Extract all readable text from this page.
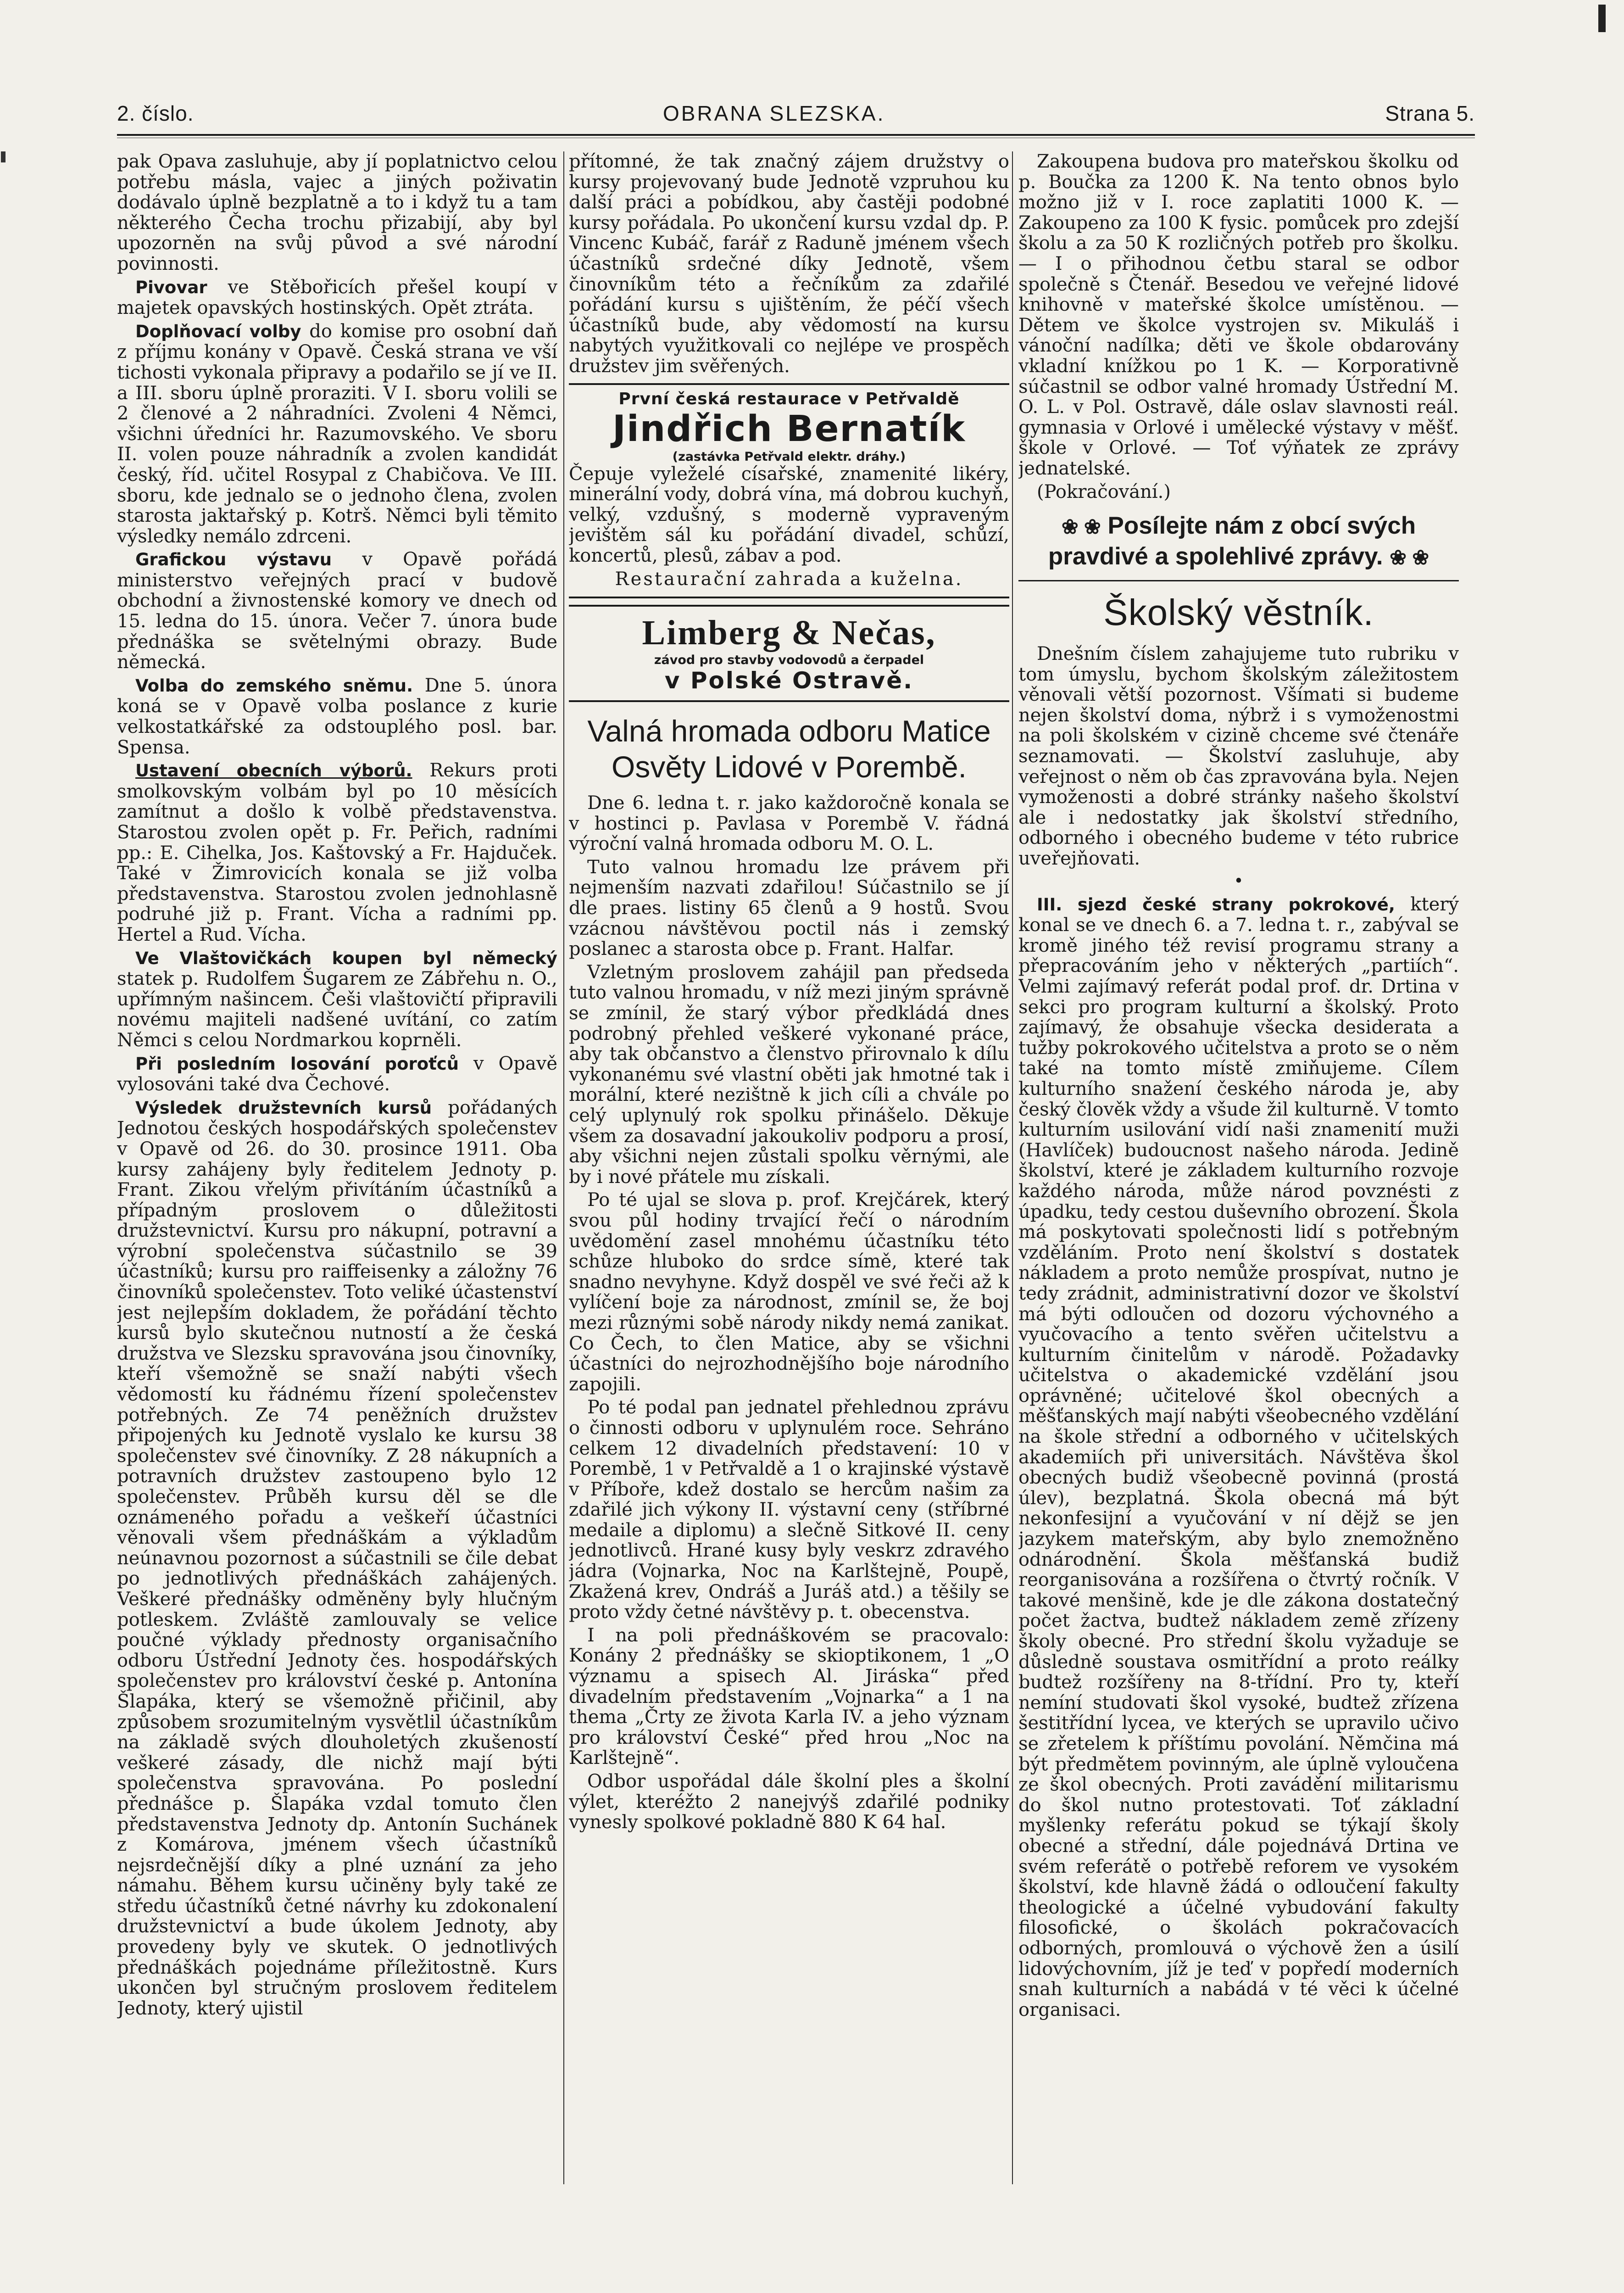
2. číslo.	OBRANA SLEZSKA.	Strana 5.

pak Opava zasluhuje, aby jí poplatnictvo celou potřebu másla, vajec a jiných poživatin dodávalo úplně bezplatně a to i když tu a tam některého Čecha trochu přizabijí, aby byl upozorněn na svůj původ a své národní povinnosti.

Pivovar ve Stěbořicích přešel koupí v majetek opavských hostinských. Opět ztráta.

Doplňovací volby do komise pro osobní daň z příjmu konány v Opavě. Česká strana ve vší tichosti vykonala připravy a podařilo se jí ve II. a III. sboru úplně proraziti. V I. sboru volili se 2 členové a 2 náhradníci. Zvoleni 4 Němci, všichni úředníci hr. Razumovského. Ve sboru II. volen pouze náhradník a zvolen kandidát český, říd. učitel Rosypal z Chabičova. Ve III. sboru, kde jednalo se o jednoho člena, zvolen starosta jaktařský p. Kotrš. Němci byli těmito výsledky nemálo zdrceni.

Grafickou výstavu v Opavě pořádá ministerstvo veřejných prací v budově obchodní a živnostenské komory ve dnech od 15. ledna do 15. února. Večer 7. února bude přednáška se světelnými obrazy. Bude německá.

Volba do zemského sněmu. Dne 5. února koná se v Opavě volba poslance z kurie velkostatkářské za odstouplého posl. bar. Spensa.

Ustavení obecních výborů. Rekurs proti smolkovským volbám byl po 10 měsících zamítnut a došlo k volbě představenstva. Starostou zvolen opět p. Fr. Peřich, radními pp.: E. Cihelka, Jos. Kaštovský a Fr. Hajduček. Také v Žimrovicích konala se již volba představenstva. Starostou zvolen jednohlasně podruhé již p. Frant. Vícha a radními pp. Hertel a Rud. Vícha.

Ve Vlaštovičkách koupen byl německý statek p. Rudolfem Šugarem ze Zábřehu n. O., upřímným našincem. Češi vlaštovičtí připravili novému majiteli nadšené uvítání, co zatím Němci s celou Nordmarkou koprněli.

Při posledním losování poroťců v Opavě vylosováni také dva Čechové.

Výsledek družstevních kursů pořádaných Jednotou českých hospodářských společenstev v Opavě od 26. do 30. prosince 1911. Oba kursy zahájeny byly ředitelem Jednoty p. Frant. Zikou vřelým přivítáním účastníků a případným proslovem o důležitosti družstevnictví. Kursu pro nákupní, potravní a výrobní společenstva súčastnilo se 39 účastníků; kursu pro raiffeisenky a záložny 76 činovníků společenstev. Toto veliké účastenství jest nejlepším dokladem, že pořádání těchto kursů bylo skutečnou nutností a že česká družstva ve Slezsku spravována jsou činovníky, kteří všemožně se snaží nabýti všech vědomostí ku řádnému řízení společenstev potřebných. Ze 74 peněžních družstev připojených ku Jednotě vyslalo ke kursu 38 společenstev své činovníky. Z 28 nákupních a potravních družstev zastoupeno bylo 12 společenstev. Průběh kursu děl se dle oznámeného pořadu a veškeří účastníci věnovali všem přednáškám a výkladům neúnavnou pozornost a súčastnili se čile debat po jednotlivých přednáškách zahájených. Veškeré přednášky odměněny byly hlučným potleskem. Zvláště zamlouvaly se velice poučné výklady přednosty organisačního odboru Ústřední Jednoty čes. hospodářských společenstev pro království české p. Antonína Šlapáka, který se všemožně přičinil, aby způsobem srozumitelným vysvětlil účastníkům na základě svých dlouholetých zkušeností veškeré zásady, dle nichž mají býti společenstva spravována. Po poslední přednášce p. Šlapáka vzdal tomuto člen představenstva Jednoty dp. Antonín Suchánek z Komárova, jménem všech účastníků nejsrdečnější díky a plné uznání za jeho námahu. Během kursu učiněny byly také ze středu účastníků četné návrhy ku zdokonalení družstevnictví a bude úkolem Jednoty, aby provedeny byly ve skutek. O jednotlivých přednáškách pojednáme příležitostně. Kurs ukončen byl stručným proslovem ředitelem Jednoty, který ujistil

přítomné, že tak značný zájem družstvy o kursy projevovaný bude Jednotě vzpruhou ku další práci a pobídkou, aby častěji podobné kursy pořádala. Po ukončení kursu vzdal dp. P. Vincenc Kubáč, farář z Raduně jménem všech účastníků srdečné díky Jednotě, všem činovníkům této a řečníkům za zdařilé pořádání kursu s ujištěním, že péčí všech účastníků bude, aby vědomostí na kursu nabytých využitkovali co nejlépe ve prospěch družstev jim svěřených.

První česká restaurace v Petřvaldě
Jindřich Bernatík
(zastávka Petřvald elektr. dráhy.)

Čepuje vyleželé císařské, znamenité likéry, minerální vody, dobrá vína, má dobrou kuchyň, velký, vzdušný, s moderně vypraveným jevištěm sál ku pořádání divadel, schůzí, koncertů, plesů, zábav a pod.

Restaurační zahrada a kuželna.

Limberg & Nečas,
závod pro stavby vodovodů a čerpadel
v Polské Ostravě.
Valná hromada odboru Matice Osvěty Lidové v Porembě.

Dne 6. ledna t. r. jako každoročně konala se v hostinci p. Pavlasa v Porembě V. řádná výroční valná hromada odboru M. O. L.

Tuto valnou hromadu lze právem při nejmenším nazvati zdařilou! Súčastnilo se jí dle praes. listiny 65 členů a 9 hostů. Svou vzácnou návštěvou poctil nás i zemský poslanec a starosta obce p. Frant. Halfar.

Vzletným proslovem zahájil pan předseda tuto valnou hromadu, v níž mezi jiným správně se zmínil, že starý výbor předkládá dnes podrobný přehled veškeré vykonané práce, aby tak občanstvo a členstvo přirovnalo k dílu vykonanému své vlastní oběti jak hmotné tak i morální, které nezištně k jich cíli a chvále po celý uplynulý rok spolku přinášelo. Děkuje všem za dosavadní jakoukoliv podporu a prosí, aby všichni nejen zůstali spolku věrnými, ale by i nové přátele mu získali.

Po té ujal se slova p. prof. Krejčárek, který svou půl hodiny trvající řečí o národním uvědomění zasel mnohému účastníku této schůze hluboko do srdce símě, které tak snadno nevyhyne. Když dospěl ve své řeči až k vylíčení boje za národnost, zmínil se, že boj mezi různými sobě národy nikdy nemá zanikat. Co Čech, to člen Matice, aby se všichni účastníci do nejrozhodnějšího boje národního zapojili.

Po té podal pan jednatel přehlednou zprávu o činnosti odboru v uplynulém roce. Sehráno celkem 12 divadelních představení: 10 v Porembě, 1 v Petřvaldě a 1 o krajinské výstavě v Příboře, kdež dostalo se hercům našim za zdařilé jich výkony II. výstavní ceny (stříbrné medaile a diplomu) a slečně Sitkové II. ceny jednotlivců. Hrané kusy byly veskrz zdravého jádra (Vojnarka, Noc na Karlštejně, Poupě, Zkažená krev, Ondráš a Juráš atd.) a těšily se proto vždy četné návštěvy p. t. obecenstva.

I na poli přednáškovém se pracovalo: Konány 2 přednášky se skioptikonem, 1 „O významu a spisech Al. Jiráska“ před divadelním představením „Vojnarka“ a 1 na thema „Črty ze života Karla IV. a jeho význam pro království České“ před hrou „Noc na Karlštejně“.

Odbor uspořádal dále školní ples a školní výlet, kteréžto 2 nanejvýš zdařilé podniky vynesly spolkové pokladně 880 K 64 hal.

Zakoupena budova pro mateřskou školku od p. Boučka za 1200 K. Na tento obnos bylo možno již v I. roce zaplatiti 1000 K. — Zakoupeno za 100 K fysic. pomůcek pro zdejší školu a za 50 K rozličných potřeb pro školku. — I o přihodnou četbu staral se odbor společně s Čtenář. Besedou ve veřejné lidové knihovně v mateřské školce umístěnou. — Dětem ve školce vystrojen sv. Mikuláš i vánoční nadílka; děti ve škole obdarovány vkladní knížkou po 1 K. — Korporativně súčastnil se odbor valné hromady Ústřední M. O. L. v Pol. Ostravě, dále oslav slavnosti reál. gymnasia v Orlové i umělecké výstavy v měšť. škole v Orlové. — Toť výňatek ze zprávy jednatelské.

(Pokračování.)

❀ ❀ Posílejte nám z obcí svých pravdivé a spolehlivé zprávy. ❀ ❀
Školský věstník.

Dnešním číslem zahajujeme tuto rubriku v tom úmyslu, bychom školským záležitostem věnovali větší pozornost. Všímati si budeme nejen školství doma, nýbrž i s vymoženostmi na poli školském v cizině chceme své čtenáře seznamovati. — Školství zasluhuje, aby veřejnost o něm ob čas zpravována byla. Nejen vymoženosti a dobré stránky našeho školství ale i nedostatky jak školství středního, odborného i obecného budeme v této rubrice uveřejňovati.

•

III. sjezd české strany pokrokové, který konal se ve dnech 6. a 7. ledna t. r., zabýval se kromě jiného též revisí programu strany a přepracováním jeho v některých „partiích“. Velmi zajímavý referát podal prof. dr. Drtina v sekci pro program kulturní a školský. Proto zajímavý, že obsahuje všecka desiderata a tužby pokrokového učitelstva a proto se o něm také na tomto místě zmiňujeme. Cílem kulturního snažení českého národa je, aby český člověk vždy a všude žil kulturně. V tomto kulturním usilování vidí naši znamenití muži (Havlíček) budoucnost našeho národa. Jedině školství, které je základem kulturního rozvoje každého národa, může národ povznésti z úpadku, tedy cestou duševního obrození. Škola má poskytovati společnosti lidí s potřebným vzděláním. Proto není školství s dostatek nákladem a proto nemůže prospívat, nutno je tedy zrádnit, administrativní dozor ve školství má býti odloučen od dozoru výchovného a vyučovacího a tento svěřen učitelstvu a kulturním činitelům v národě. Požadavky učitelstva o akademické vzdělání jsou oprávněné; učitelové škol obecných a měšťanských mají nabýti všeobecného vzdělání na škole střední a odborného v učitelských akademiích při universitách. Návštěva škol obecných budiž všeobecně povinná (prostá úlev), bezplatná. Škola obecná má být nekonfesijní a vyučování v ní dějž se jen jazykem mateřským, aby bylo znemožněno odnárodnění. Škola měšťanská budiž reorganisována a rozšířena o čtvrtý ročník. V takové menšině, kde je dle zákona dostatečný počet žactva, budtež nákladem země zřízeny školy obecné. Pro střední školu vyžaduje se důsledně soustava osmitřídní a proto reálky budtež rozšířeny na 8-třídní. Pro ty, kteří nemíní studovati škol vysoké, budtež zřízena šestitřídní lycea, ve kterých se upravilo učivo se zřetelem k příštímu povolání. Němčina má být předmětem povinným, ale úplně vyloučena ze škol obecných. Proti zavádění militarismu do škol nutno protestovati. Toť základní myšlenky referátu pokud se týkají školy obecné a střední, dále pojednává Drtina ve svém referátě o potřebě reforem ve vysokém školství, kde hlavně žádá o odloučení fakulty theologické a účelné vybudování fakulty filosofické, o školách pokračovacích odborných, promlouvá o výchově žen a úsilí lidovýchovním, jíž je teď v popředí moderních snah kulturních a nabádá v té věci k účelné organisaci.
